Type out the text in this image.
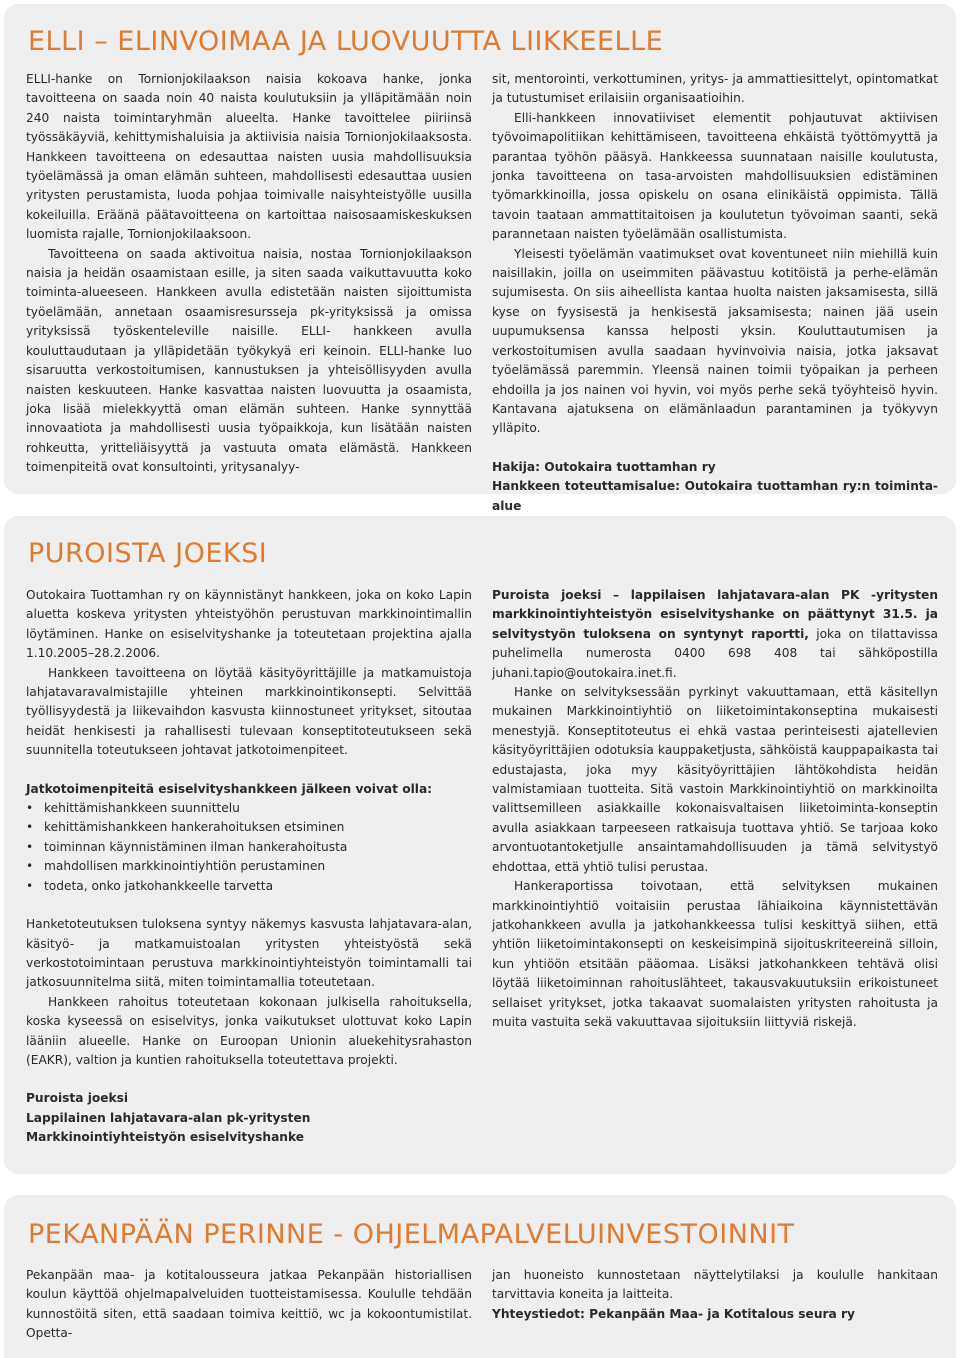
ELLI – ELINVOIMAA JA LUOVUUTTA LIIKKEELLE

ELLI-hanke on Tornionjokilaakson naisia kokoava hanke, jonka tavoitteena on saada noin 40 naista koulutuksiin ja ylläpitämään noin 240 naista toimintaryhmän alueelta. Hanke tavoittelee piiriinsä työssäkäyviä, kehittymishaluisia ja aktiivisia naisia Tornionjokilaaksosta. Hankkeen tavoitteena on edesauttaa naisten uusia mahdollisuuksia työelämässä ja oman elämän suhteen, mahdollisesti edesauttaa uusien yritysten perustamista, luoda pohjaa toimivalle naisyhteistyölle uusilla kokeiluilla. Eräänä päätavoitteena on kartoittaa naisosaamiskeskuksen luomista rajalle, Tornionjokilaaksoon.

Tavoitteena on saada aktivoitua naisia, nostaa Tornionjokilaakson naisia ja heidän osaamistaan esille, ja siten saada vaikuttavuutta koko toiminta-alueeseen. Hankkeen avulla edistetään naisten sijoittumista työelämään, annetaan osaamisresursseja pk-yrityksissä ja omissa yrityksissä työskenteleville naisille. ELLI- hankkeen avulla kouluttaudutaan ja ylläpidetään työkykyä eri keinoin. ELLI-hanke luo sisaruutta verkostoitumisen, kannustuksen ja yhteisöllisyyden avulla naisten keskuuteen. Hanke kasvattaa naisten luovuutta ja osaamista, joka lisää mielekkyyttä oman elämän suhteen. Hanke synnyttää innovaatiota ja mahdollisesti uusia työpaikkoja, kun lisätään naisten rohkeutta, yritteliäisyyttä ja vastuuta omata elämästä. Hankkeen toimenpiteitä ovat konsultointi, yritysanalyy-

sit, mentorointi, verkottuminen, yritys- ja ammattiesittelyt, opintomatkat ja tutustumiset erilaisiin organisaatioihin.

Elli-hankkeen innovatiiviset elementit pohjautuvat aktiivisen työvoimapolitiikan kehittämiseen, tavoitteena ehkäistä työttömyyttä ja parantaa työhön pääsyä. Hankkeessa suunnataan naisille koulutusta, jonka tavoitteena on tasa-arvoisten mahdollisuuksien edistäminen työmarkkinoilla, jossa opiskelu on osana elinikäistä oppimista. Tällä tavoin taataan ammattitaitoisen ja koulutetun työvoiman saanti, sekä parannetaan naisten työelämään osallistumista.

Yleisesti työelämän vaatimukset ovat koventuneet niin miehillä kuin naisillakin, joilla on useimmiten päävastuu kotitöistä ja perhe-elämän sujumisesta. On siis aiheellista kantaa huolta naisten jaksamisesta, sillä kyse on fyysisestä ja henkisestä jaksamisesta; nainen jää usein uupumuksensa kanssa helposti yksin. Kouluttautumisen ja verkostoitumisen avulla saadaan hyvinvoivia naisia, jotka jaksavat työelämässä paremmin. Yleensä nainen toimii työpaikan ja perheen ehdoilla ja jos nainen voi hyvin, voi myös perhe sekä työyhteisö hyvin. Kantavana ajatuksena on elämänlaadun parantaminen ja työkyvyn ylläpito.

Hakija: Outokaira tuottamhan ry

Hankkeen toteuttamisalue: Outokaira tuottamhan ry:n toiminta-alue

PUROISTA JOEKSI

Outokaira Tuottamhan ry on käynnistänyt hankkeen, joka on koko Lapin aluetta koskeva yritysten yhteistyöhön perustuvan markkinointimallin löytäminen. Hanke on esiselvityshanke ja toteutetaan projektina ajalla 1.10.2005–28.2.2006.

Hankkeen tavoitteena on löytää käsityöyrittäjille ja matkamuistoja lahjatavaravalmistajille yhteinen markkinointikonsepti. Selvittää työllisyydestä ja liikevaihdon kasvusta kiinnostuneet yritykset, sitoutaa heidät henkisesti ja rahallisesti tulevaan konseptitoteutukseen sekä suunnitella toteutukseen johtavat jatkotoimenpiteet.

Jatkotoimenpiteitä esiselvityshankkeen jälkeen voivat olla:

• kehittämishankkeen suunnittelu
• kehittämishankkeen hankerahoituksen etsiminen
• toiminnan käynnistäminen ilman hankerahoitusta
• mahdollisen markkinointiyhtiön perustaminen
• todeta, onko jatkohankkeelle tarvetta

Hanketoteutuksen tuloksena syntyy näkemys kasvusta lahjatavara-alan, käsityö- ja matkamuistoalan yritysten yhteistyöstä sekä verkostotoimintaan perustuva markkinointiyhteistyön toimintamalli tai jatkosuunnitelma siitä, miten toimintamallia toteutetaan.

Hankkeen rahoitus toteutetaan kokonaan julkisella rahoituksella, koska kyseessä on esiselvitys, jonka vaikutukset ulottuvat koko Lapin lääniin alueelle. Hanke on Euroopan Unionin aluekehitysrahaston (EAKR), valtion ja kuntien rahoituksella toteutettava projekti.

Puroista joeksi

Lappilainen lahjatavara-alan pk-yritysten

Markkinointiyhteistyön esiselvityshanke

Puroista joeksi – lappilaisen lahjatavara-alan PK -yritysten markkinointiyhteistyön esiselvityshanke on päättynyt 31.5. ja selvitystyön tuloksena on syntynyt raportti, joka on tilattavissa puhelimella numerosta 0400 698 408 tai sähköpostilla juhani.tapio@outokaira.inet.fi.

Hanke on selvityksessään pyrkinyt vakuuttamaan, että käsitellyn mukainen Markkinointiyhtiö on liiketoimintakonseptina mukaisesti menestyjä. Konseptitoteutus ei ehkä vastaa perinteisesti ajatellevien käsityöyrittäjien odotuksia kauppaketjusta, sähköistä kauppapaikasta tai edustajasta, joka myy käsityöyrittäjien lähtökohdista heidän valmistamiaan tuotteita. Sitä vastoin Markkinointiyhtiö on markkinoilta valittsemilleen asiakkaille kokonaisvaltaisen liiketoiminta-konseptin avulla asiakkaan tarpeeseen ratkaisuja tuottava yhtiö. Se tarjoaa koko arvontuotantoketjulle ansaintamahdollisuuden ja tämä selvitystyö ehdottaa, että yhtiö tulisi perustaa.

Hankeraportissa toivotaan, että selvityksen mukainen markkinointiyhtiö voitaisiin perustaa lähiaikoina käynnistettävän jatkohankkeen avulla ja jatkohankkeessa tulisi keskittyä siihen, että yhtiön liiketoimintakonsepti on keskeisimpinä sijoituskriteereinä silloin, kun yhtiöön etsitään pääomaa. Lisäksi jatkohankkeen tehtävä olisi löytää liiketoiminnan rahoituslähteet, takausvakuutuksiin erikoistuneet sellaiset yritykset, jotka takaavat suomalaisten yritysten rahoitusta ja muita vastuita sekä vakuuttavaa sijoituksiin liittyviä riskejä.

PEKANPÄÄN PERINNE - OHJELMAPALVELUINVESTOINNIT

Pekanpään maa- ja kotitalousseura jatkaa Pekanpään historiallisen koulun käyttöä ohjelmapalveluiden tuotteistamisessa. Koululle tehdään kunnostöitä siten, että saadaan toimiva keittiö, wc ja kokoontumistilat. Opetta-

jan huoneisto kunnostetaan näyttelytilaksi ja koululle hankitaan tarvittavia koneita ja laitteita.

Yhteystiedot: Pekanpään Maa- ja Kotitalous seura ry
